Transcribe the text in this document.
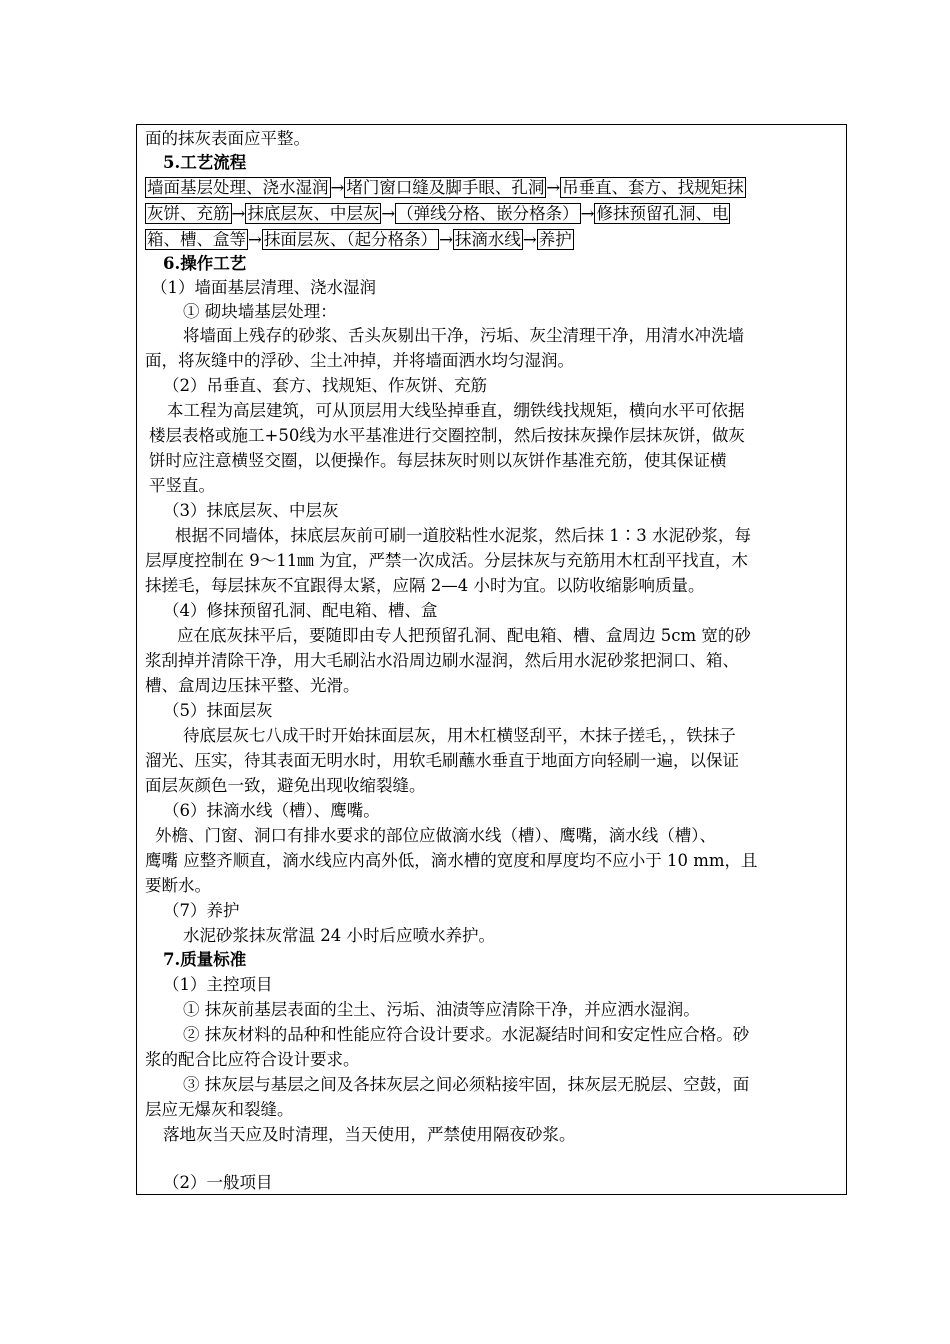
面的抹灰表面应平整。
5.工艺流程
墙面基层处理、浇水湿润 → 堵门窗口缝及脚手眼、孔洞 → 吊垂直、套方、找规矩抹
灰饼、充筋 → 抹底层灰、中层灰 → （弹线分格、嵌分格条） → 修抹预留孔洞、电
箱、槽、盒等 → 抹面层灰、（起分格条） → 抹滴水线 → 养护
6.操作工艺
（1）墙面基层清理、浇水湿润
① 砌块墙基层处理：
将墙面上残存的砂浆、舌头灰剔出干净，污垢、灰尘清理干净，用清水冲洗墙
面，将灰缝中的浮砂、尘土冲掉，并将墙面洒水均匀湿润。
（2）吊垂直、套方、找规矩、作灰饼、充筋
本工程为高层建筑，可从顶层用大线坠掉垂直，绷铁线找规矩，横向水平可依据
楼层表格或施工+50线为水平基准进行交圈控制，然后按抹灰操作层抹灰饼，做灰
饼时应注意横竖交圈，以便操作。每层抹灰时则以灰饼作基准充筋，使其保证横
平竖直。
（3）抹底层灰、中层灰
根据不同墙体，抹底层灰前可刷一道胶粘性水泥浆，然后抹 1∶3 水泥砂浆，每
层厚度控制在 9～11㎜ 为宜，严禁一次成活。分层抹灰与充筋用木杠刮平找直，木
抹搓毛，每层抹灰不宜跟得太紧，应隔 2—4 小时为宜。以防收缩影响质量。
（4）修抹预留孔洞、配电箱、槽、盒
应在底灰抹平后，要随即由专人把预留孔洞、配电箱、槽、盒周边 5cm 宽的砂
浆刮掉并清除干净，用大毛刷沾水沿周边刷水湿润，然后用水泥砂浆把洞口、箱、
槽、盒周边压抹平整、光滑。
（5）抹面层灰
待底层灰七八成干时开始抹面层灰，用木杠横竖刮平，木抹子搓毛，，铁抹子
溜光、压实，待其表面无明水时，用软毛刷蘸水垂直于地面方向轻刷一遍，以保证
面层灰颜色一致，避免出现收缩裂缝。
（6）抹滴水线（槽）、鹰嘴。
外檐、门窗、洞口有排水要求的部位应做滴水线（槽）、鹰嘴，滴水线（槽）、
鹰嘴 应整齐顺直，滴水线应内高外低，滴水槽的宽度和厚度均不应小于 10 mm，且
要断水。
（7）养护
水泥砂浆抹灰常温 24 小时后应喷水养护。
7.质量标准
（1）主控项目
① 抹灰前基层表面的尘土、污垢、油渍等应清除干净，并应洒水湿润。
② 抹灰材料的品种和性能应符合设计要求。水泥凝结时间和安定性应合格。砂
浆的配合比应符合设计要求。
③ 抹灰层与基层之间及各抹灰层之间必须粘接牢固，抹灰层无脱层、空鼓，面
层应无爆灰和裂缝。
落地灰当天应及时清理，当天使用，严禁使用隔夜砂浆。
（2）一般项目
